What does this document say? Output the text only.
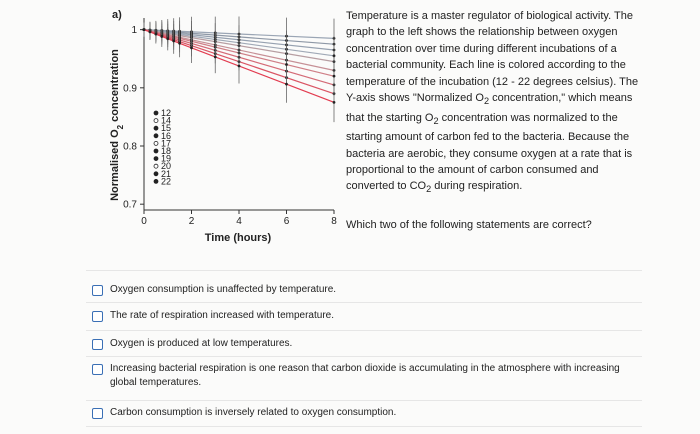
a)
Normalised $O_2$ concentration
0.7
0.8
0.9
1
0	2	4	6	8
12
14
15
16
17
18
19
20
21
22
Time (hours)
Temperature is a master regulator of biological activity. The
graph to the left shows the relationship between oxygen
concentration over time during different incubations of a
bacterial community. Each line is colored according to the
temperature of the incubation (12 - 22 degrees celsius). The
Y-axis shows "Normalized $O_2$ concentration," which means
that the starting $O_2$ concentration was normalized to the
starting amount of carbon fed to the bacteria. Because the
bacteria are aerobic, they consume oxygen at a rate that is
proportional to the amount of carbon consumed and
converted to $CO_2$ during respiration.
Which two of the following statements are correct?
Oxygen consumption is unaffected by temperature.
The rate of respiration increased with temperature.
Oxygen is produced at low temperatures.
Increasing bacterial respiration is one reason that carbon dioxide is accumulating in the atmosphere with increasing global temperatures.
Carbon consumption is inversely related to oxygen consumption.
